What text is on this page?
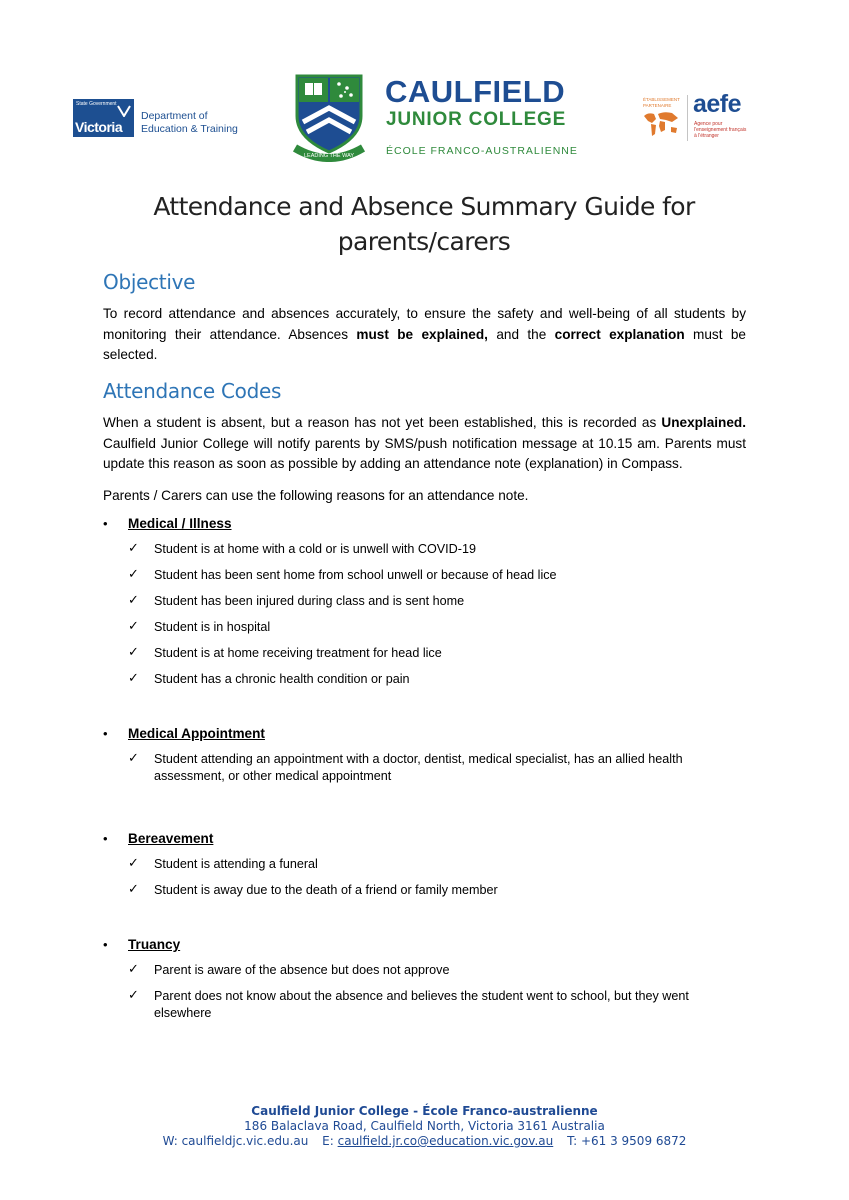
State Government
Victoria
Department of
Education & Training
LEADING THE WAY
CAULFIELD
JUNIOR COLLEGE
ÉCOLE FRANCO-AUSTRALIENNE
ÉTABLISSEMENT
PARTENAIRE aefe
Agence pour
l'enseignement français
à l'étranger
Attendance and Absence Summary Guide for
parents/carers
Objective

To record attendance and absences accurately, to ensure the safety and well-being of all students by monitoring their attendance. Absences must be explained, and the correct explanation must be selected.

Attendance Codes

When a student is absent, but a reason has not yet been established, this is recorded as Unexplained. Caulfield Junior College will notify parents by SMS/push notification message at 10.15 am. Parents must update this reason as soon as possible by adding an attendance note (explanation) in Compass.

Parents / Carers can use the following reasons for an attendance note.

• Medical / Illness
✓ Student is at home with a cold or is unwell with COVID-19
✓ Student has been sent home from school unwell or because of head lice
✓ Student has been injured during class and is sent home
✓ Student is in hospital
✓ Student is at home receiving treatment for head lice
✓ Student has a chronic health condition or pain
• Medical Appointment
✓ Student attending an appointment with a doctor, dentist, medical specialist, has an allied health assessment, or other medical appointment
• Bereavement
✓ Student is attending a funeral
✓ Student is away due to the death of a friend or family member
• Truancy
✓ Parent is aware of the absence but does not approve
✓ Parent does not know about the absence and believes the student went to school, but they went elsewhere
Caulfield Junior College - École Franco-australienne
186 Balaclava Road, Caulfield North, Victoria 3161 Australia
W: caulfieldjc.vic.edu.au E: caulfield.jr.co@education.vic.gov.au T: +61 3 9509 6872
